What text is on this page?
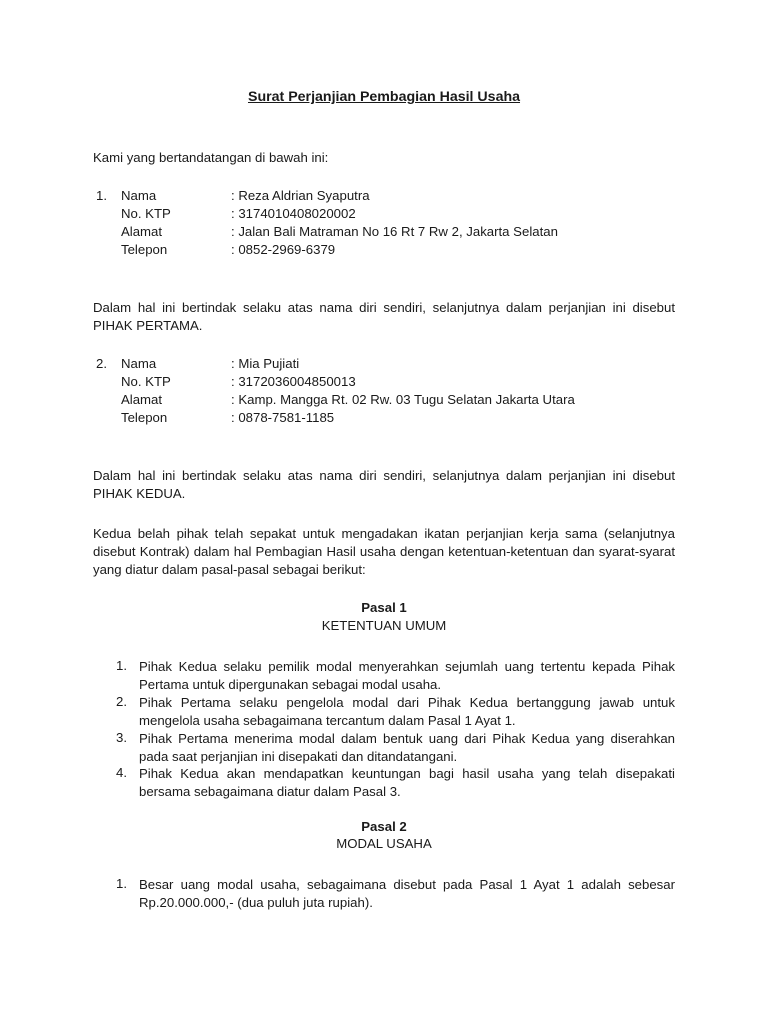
Surat Perjanjian Pembagian Hasil Usaha
Kami yang bertandatangan di bawah ini:
1. Nama	: Reza Aldrian Syaputra
No. KTP	: 3174010408020002
Alamat	: Jalan Bali Matraman No 16 Rt 7 Rw 2, Jakarta Selatan
Telepon	: 0852-2969-6379
Dalam hal ini bertindak selaku atas nama diri sendiri, selanjutnya dalam perjanjian ini disebut PIHAK PERTAMA.
2. Nama	: Mia Pujiati
No. KTP	: 3172036004850013
Alamat	: Kamp. Mangga Rt. 02 Rw. 03 Tugu Selatan Jakarta Utara
Telepon	: 0878-7581-1185
Dalam hal ini bertindak selaku atas nama diri sendiri, selanjutnya dalam perjanjian ini disebut PIHAK KEDUA.
Kedua belah pihak telah sepakat untuk mengadakan ikatan perjanjian kerja sama (selanjutnya disebut Kontrak) dalam hal Pembagian Hasil usaha dengan ketentuan-ketentuan dan syarat-syarat yang diatur dalam pasal-pasal sebagai berikut:
Pasal 1
KETENTUAN UMUM
1. Pihak Kedua selaku pemilik modal menyerahkan sejumlah uang tertentu kepada Pihak Pertama untuk dipergunakan sebagai modal usaha.
2. Pihak Pertama selaku pengelola modal dari Pihak Kedua bertanggung jawab untuk mengelola usaha sebagaimana tercantum dalam Pasal 1 Ayat 1.
3. Pihak Pertama menerima modal dalam bentuk uang dari Pihak Kedua yang diserahkan pada saat perjanjian ini disepakati dan ditandatangani.
4. Pihak Kedua akan mendapatkan keuntungan bagi hasil usaha yang telah disepakati bersama sebagaimana diatur dalam Pasal 3.
Pasal 2
MODAL USAHA
1. Besar uang modal usaha, sebagaimana disebut pada Pasal 1 Ayat 1 adalah sebesar Rp.20.000.000,- (dua puluh juta rupiah).
